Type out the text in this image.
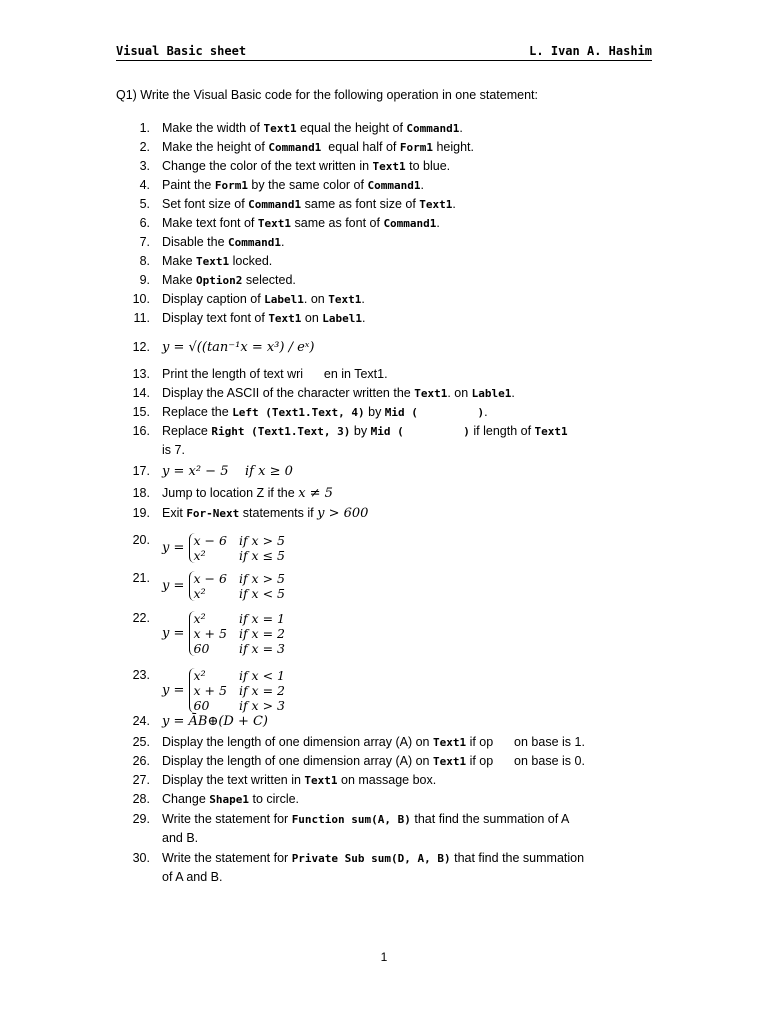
Visual Basic sheet	L. Ivan A. Hashim
Q1) Write the Visual Basic code for the following operation in one statement:
1. Make the width of Text1 equal the height of Command1.
2. Make the height of Command1  equal half of Form1 height.
3. Change the color of the text written in Text1 to blue.
4. Paint the Form1 by the same color of Command1.
5. Set font size of Command1 same as font size of Text1.
6. Make text font of Text1 same as font of Command1.
7. Disable the Command1.
8. Make Text1 locked.
9. Make Option2 selected.
10. Display caption of Label1. on Text1.
11. Display text font of Text1 on Label1.
12. y = √((tan⁻¹x = x³) / eˣ)
13. Print the length of text wri      en in Text1.
14. Display the ASCII of the character written the Text1. on Lable1.
15. Replace the Left (Text1.Text, 4) by Mid (         ).
16. Replace Right (Text1.Text, 3) by Mid (         ) if length of Text1
is 7.
17. y = x² − 5    if x ≥ 0
18. Jump to location Z if the x ≠ 5
19. Exit For-Next statements if y > 600
20.
y = x − 6	if x > 5
x²	if x ≤ 5
21.
y = x − 6	if x > 5
x²	if x < 5
22.
y = x²	if x = 1
x + 5	if x = 2
60	if x = 3
23.
y = x²	if x < 1
x + 5	if x = 2
60	if x > 3
24. y = ĀB⊕(D + C)
25. Display the length of one dimension array (A) on Text1 if op      on base is 1.
26. Display the length of one dimension array (A) on Text1 if op      on base is 0.
27. Display the text written in Text1 on massage box.
28. Change Shape1 to circle.
29. Write the statement for Function sum(A, B) that find the summation of A
and B.
30. Write the statement for Private Sub sum(D, A, B) that find the summation
of A and B.
1
